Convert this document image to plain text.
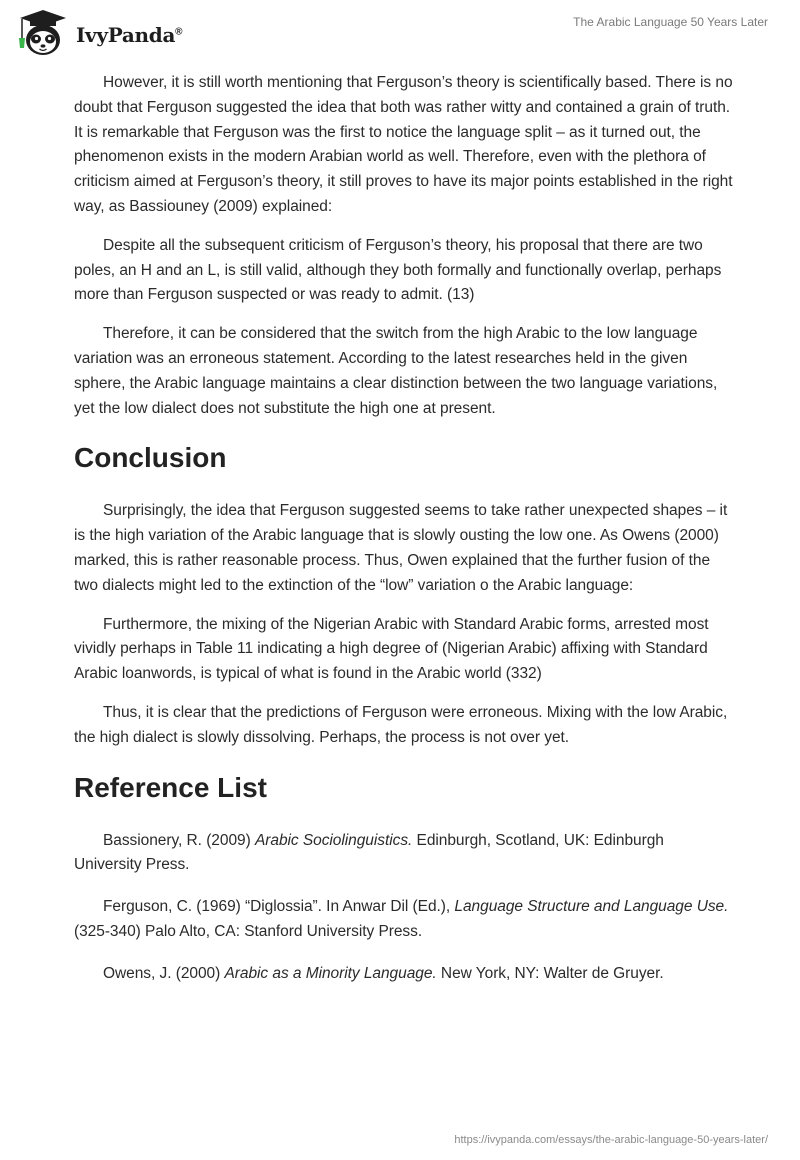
IvyPanda®
The Arabic Language 50 Years Later

However, it is still worth mentioning that Ferguson’s theory is scientifically based. There is no doubt that Ferguson suggested the idea that both was rather witty and contained a grain of truth. It is remarkable that Ferguson was the first to notice the language split – as it turned out, the phenomenon exists in the modern Arabian world as well. Therefore, even with the plethora of criticism aimed at Ferguson’s theory, it still proves to have its major points established in the right way, as Bassiouney (2009) explained:

Despite all the subsequent criticism of Ferguson’s theory, his proposal that there are two poles, an H and an L, is still valid, although they both formally and functionally overlap, perhaps more than Ferguson suspected or was ready to admit. (13)

Therefore, it can be considered that the switch from the high Arabic to the low language variation was an erroneous statement. According to the latest researches held in the given sphere, the Arabic language maintains a clear distinction between the two language variations, yet the low dialect does not substitute the high one at present.

Conclusion

Surprisingly, the idea that Ferguson suggested seems to take rather unexpected shapes – it is the high variation of the Arabic language that is slowly ousting the low one. As Owens (2000) marked, this is rather reasonable process. Thus, Owen explained that the further fusion of the two dialects might led to the extinction of the “low” variation o the Arabic language:

Furthermore, the mixing of the Nigerian Arabic with Standard Arabic forms, arrested most vividly perhaps in Table 11 indicating a high degree of (Nigerian Arabic) affixing with Standard Arabic loanwords, is typical of what is found in the Arabic world (332)

Thus, it is clear that the predictions of Ferguson were erroneous. Mixing with the low Arabic, the high dialect is slowly dissolving. Perhaps, the process is not over yet.

Reference List

Bassionery, R. (2009) Arabic Sociolinguistics. Edinburgh, Scotland, UK: Edinburgh University Press.

Ferguson, C. (1969) “Diglossia”. In Anwar Dil (Ed.), Language Structure and Language Use. (325-340) Palo Alto, CA: Stanford University Press.

Owens, J. (2000) Arabic as a Minority Language. New York, NY: Walter de Gruyer.

https://ivypanda.com/essays/the-arabic-language-50-years-later/
